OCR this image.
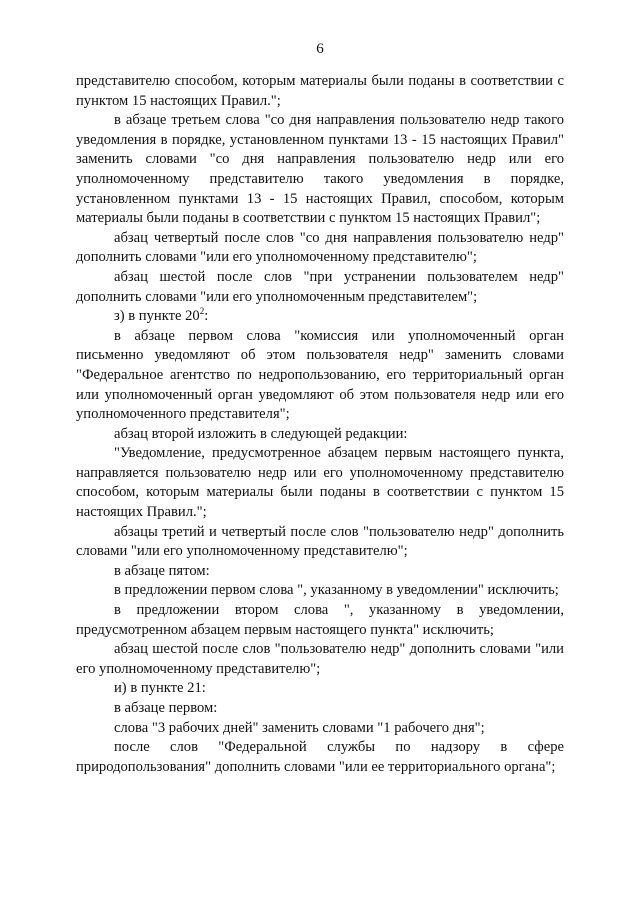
6

представителю способом, которым материалы были поданы в соответствии с пунктом 15 настоящих Правил.";

в абзаце третьем слова "со дня направления пользователю недр такого уведомления в порядке, установленном пунктами 13 - 15 настоящих Правил" заменить словами "со дня направления пользователю недр или его уполномоченному представителю такого уведомления в порядке, установленном пунктами 13 - 15 настоящих Правил, способом, которым материалы были поданы в соответствии с пунктом 15 настоящих Правил";

абзац четвертый после слов "со дня направления пользователю недр" дополнить словами "или его уполномоченному представителю";

абзац шестой после слов "при устранении пользователем недр" дополнить словами "или его уполномоченным представителем";

з) в пункте $20^2$:

в абзаце первом слова "комиссия или уполномоченный орган письменно уведомляют об этом пользователя недр" заменить словами "Федеральное агентство по недропользованию, его территориальный орган или уполномоченный орган уведомляют об этом пользователя недр или его уполномоченного представителя";

абзац второй изложить в следующей редакции:

"Уведомление, предусмотренное абзацем первым настоящего пункта, направляется пользователю недр или его уполномоченному представителю способом, которым материалы были поданы в соответствии с пунктом 15 настоящих Правил.";

абзацы третий и четвертый после слов "пользователю недр" дополнить словами "или его уполномоченному представителю";

в абзаце пятом:

в предложении первом слова ", указанному в уведомлении" исключить;

в предложении втором слова ", указанному в уведомлении, предусмотренном абзацем первым настоящего пункта" исключить;

абзац шестой после слов "пользователю недр" дополнить словами "или его уполномоченному представителю";

и) в пункте 21:

в абзаце первом:

слова "3 рабочих дней" заменить словами "1 рабочего дня";

после слов "Федеральной службы по надзору в сфере природопользования" дополнить словами "или ее территориального органа";
